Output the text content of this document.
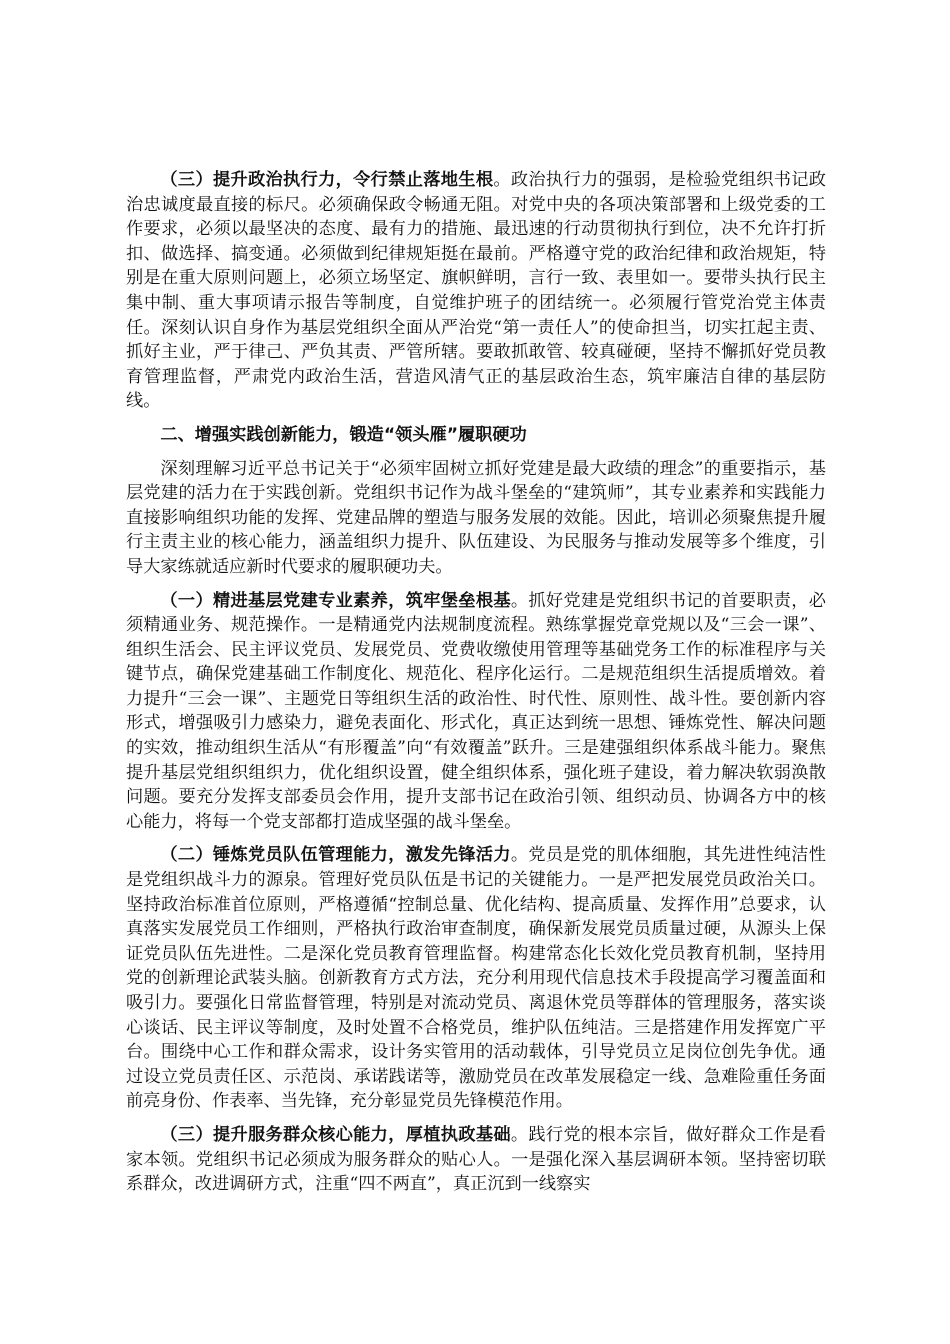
（三）提升政治执行力，令行禁止落地生根。政治执行力的强弱，是检验党组织书记政治忠诚度最直接的标尺。必须确保政令畅通无阻。对党中央的各项决策部署和上级党委的工作要求，必须以最坚决的态度、最有力的措施、最迅速的行动贯彻执行到位，决不允许打折扣、做选择、搞变通。必须做到纪律规矩挺在最前。严格遵守党的政治纪律和政治规矩，特别是在重大原则问题上，必须立场坚定、旗帜鲜明，言行一致、表里如一。要带头执行民主集中制、重大事项请示报告等制度，自觉维护班子的团结统一。必须履行管党治党主体责任。深刻认识自身作为基层党组织全面从严治党“第一责任人”的使命担当，切实扛起主责、抓好主业，严于律己、严负其责、严管所辖。要敢抓敢管、较真碰硬，坚持不懈抓好党员教育管理监督，严肃党内政治生活，营造风清气正的基层政治生态，筑牢廉洁自律的基层防线。

二、增强实践创新能力，锻造“领头雁”履职硬功

深刻理解习近平总书记关于“必须牢固树立抓好党建是最大政绩的理念”的重要指示，基层党建的活力在于实践创新。党组织书记作为战斗堡垒的“建筑师”，其专业素养和实践能力直接影响组织功能的发挥、党建品牌的塑造与服务发展的效能。因此，培训必须聚焦提升履行主责主业的核心能力，涵盖组织力提升、队伍建设、为民服务与推动发展等多个维度，引导大家练就适应新时代要求的履职硬功夫。

（一）精进基层党建专业素养，筑牢堡垒根基。抓好党建是党组织书记的首要职责，必须精通业务、规范操作。一是精通党内法规制度流程。熟练掌握党章党规以及“三会一课”、组织生活会、民主评议党员、发展党员、党费收缴使用管理等基础党务工作的标准程序与关键节点，确保党建基础工作制度化、规范化、程序化运行。二是规范组织生活提质增效。着力提升“三会一课”、主题党日等组织生活的政治性、时代性、原则性、战斗性。要创新内容形式，增强吸引力感染力，避免表面化、形式化，真正达到统一思想、锤炼党性、解决问题的实效，推动组织生活从“有形覆盖”向“有效覆盖”跃升。三是建强组织体系战斗能力。聚焦提升基层党组织组织力，优化组织设置，健全组织体系，强化班子建设，着力解决软弱涣散问题。要充分发挥支部委员会作用，提升支部书记在政治引领、组织动员、协调各方中的核心能力，将每一个党支部都打造成坚强的战斗堡垒。

（二）锤炼党员队伍管理能力，激发先锋活力。党员是党的肌体细胞，其先进性纯洁性是党组织战斗力的源泉。管理好党员队伍是书记的关键能力。一是严把发展党员政治关口。坚持政治标准首位原则，严格遵循“控制总量、优化结构、提高质量、发挥作用”总要求，认真落实发展党员工作细则，严格执行政治审查制度，确保新发展党员质量过硬，从源头上保证党员队伍先进性。二是深化党员教育管理监督。构建常态化长效化党员教育机制，坚持用党的创新理论武装头脑。创新教育方式方法，充分利用现代信息技术手段提高学习覆盖面和吸引力。要强化日常监督管理，特别是对流动党员、离退休党员等群体的管理服务，落实谈心谈话、民主评议等制度，及时处置不合格党员，维护队伍纯洁。三是搭建作用发挥宽广平台。围绕中心工作和群众需求，设计务实管用的活动载体，引导党员立足岗位创先争优。通过设立党员责任区、示范岗、承诺践诺等，激励党员在改革发展稳定一线、急难险重任务面前亮身份、作表率、当先锋，充分彰显党员先锋模范作用。

（三）提升服务群众核心能力，厚植执政基础。践行党的根本宗旨，做好群众工作是看家本领。党组织书记必须成为服务群众的贴心人。一是强化深入基层调研本领。坚持密切联系群众，改进调研方式，注重“四不两直”，真正沉到一线察实
